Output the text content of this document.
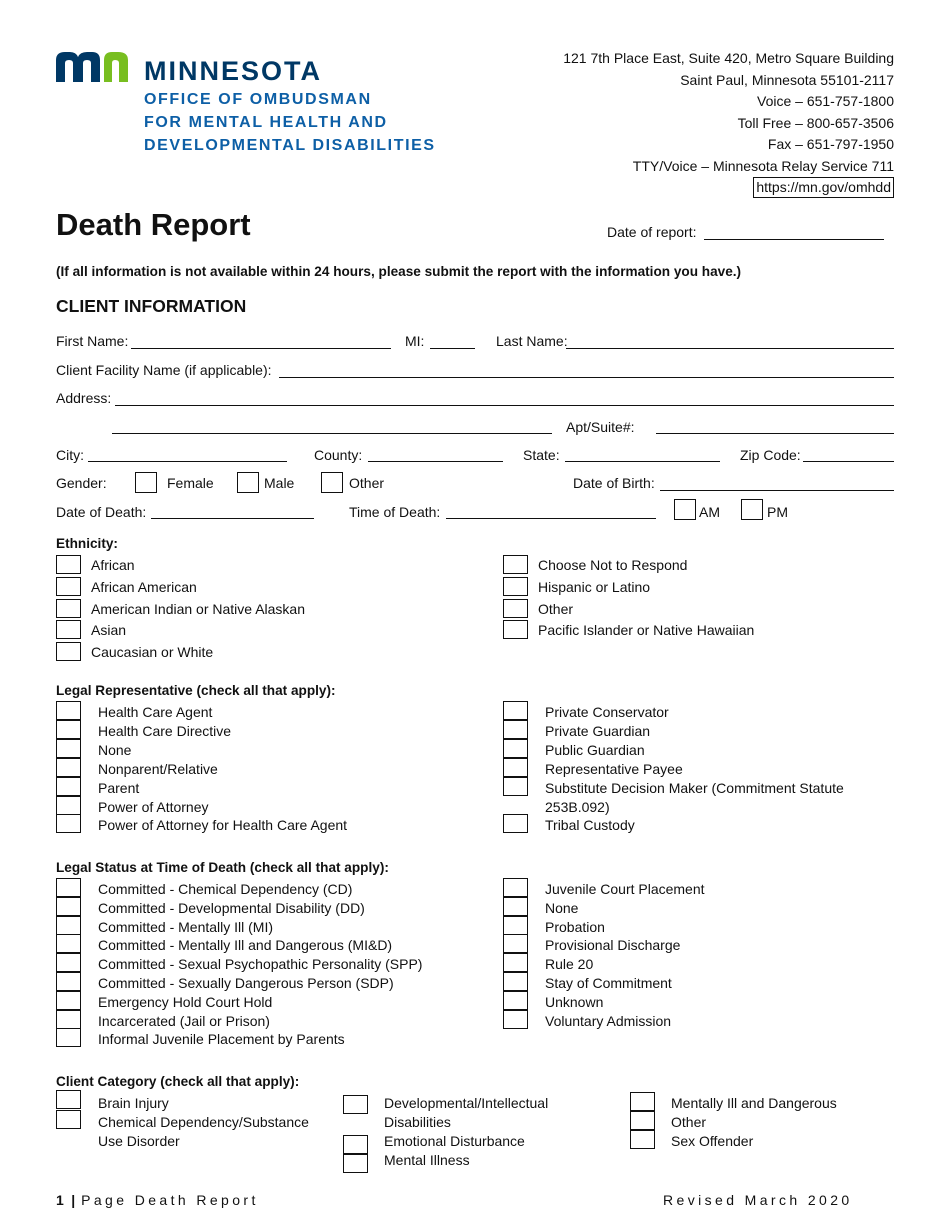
MINNESOTA
OFFICE OF OMBUDSMAN
FOR MENTAL HEALTH AND
DEVELOPMENTAL DISABILITIES
121 7th Place East, Suite 420, Metro Square Building
Saint Paul, Minnesota 55101-2117
Voice – 651-757-1800
Toll Free – 800-657-3506
Fax – 651-797-1950
TTY/Voice – Minnesota Relay Service 711
https://mn.gov/omhdd
Death Report	Date of report:
(If all information is not available within 24 hours, please submit the report with the information you have.)
CLIENT INFORMATION
First Name:	MI:	Last Name:
Client Facility Name (if applicable):
Address:
Apt/Suite#:
City:	County:	State:	Zip Code:
Gender:	Female	Male	Other	Date of Birth:
Date of Death:	Time of Death:	AM	PM
Ethnicity:
African
African American
American Indian or Native Alaskan
Asian
Caucasian or White
Choose Not to Respond
Hispanic or Latino
Other
Pacific Islander or Native Hawaiian
Legal Representative (check all that apply):
Health Care Agent
Health Care Directive
None
Nonparent/Relative
Parent
Power of Attorney
Power of Attorney for Health Care Agent
Private Conservator
Private Guardian
Public Guardian
Representative Payee
Substitute Decision Maker (Commitment Statute
253B.092)
Tribal Custody
Legal Status at Time of Death (check all that apply):
Committed - Chemical Dependency (CD)
Committed - Developmental Disability (DD)
Committed - Mentally Ill (MI)
Committed - Mentally Ill and Dangerous (MI&D)
Committed - Sexual Psychopathic Personality (SPP)
Committed - Sexually Dangerous Person (SDP)
Emergency Hold Court Hold
Incarcerated (Jail or Prison)
Informal Juvenile Placement by Parents
Juvenile Court Placement
None
Probation
Provisional Discharge
Rule 20
Stay of Commitment
Unknown
Voluntary Admission
Client Category (check all that apply):
Brain Injury
Chemical Dependency/Substance
Use Disorder
Developmental/Intellectual
Disabilities
Emotional Disturbance
Mental Illness
Mentally Ill and Dangerous
Other
Sex Offender
1 | Page Death Report	Revised March 2020
